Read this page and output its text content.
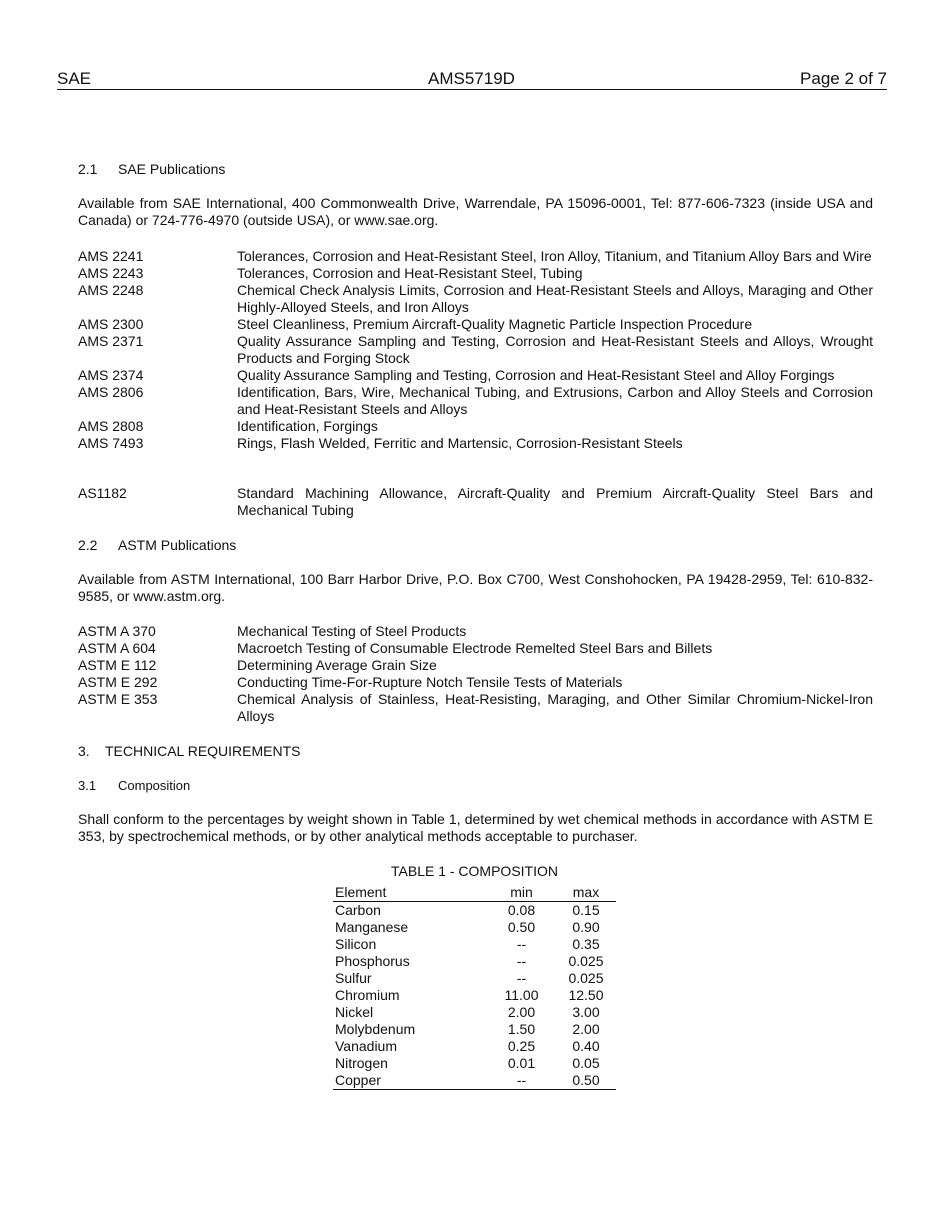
SAE	AMS5719D	Page 2 of 7
2.1 SAE Publications
Available from SAE International, 400 Commonwealth Drive, Warrendale, PA 15096-0001, Tel: 877-606-7323 (inside USA and Canada) or 724-776-4970 (outside USA), or www.sae.org.
AMS 2241	Tolerances, Corrosion and Heat-Resistant Steel, Iron Alloy, Titanium, and Titanium Alloy Bars and Wire
AMS 2243	Tolerances, Corrosion and Heat-Resistant Steel, Tubing
AMS 2248	Chemical Check Analysis Limits, Corrosion and Heat-Resistant Steels and Alloys, Maraging and Other Highly-Alloyed Steels, and Iron Alloys
AMS 2300	Steel Cleanliness, Premium Aircraft-Quality Magnetic Particle Inspection Procedure
AMS 2371	Quality Assurance Sampling and Testing, Corrosion and Heat-Resistant Steels and Alloys, Wrought Products and Forging Stock
AMS 2374	Quality Assurance Sampling and Testing, Corrosion and Heat-Resistant Steel and Alloy Forgings
AMS 2806	Identification, Bars, Wire, Mechanical Tubing, and Extrusions, Carbon and Alloy Steels and Corrosion and Heat-Resistant Steels and Alloys
AMS 2808	Identification, Forgings
AMS 7493	Rings, Flash Welded, Ferritic and Martensic, Corrosion-Resistant Steels
AS1182	Standard Machining Allowance, Aircraft-Quality and Premium Aircraft-Quality Steel Bars and Mechanical Tubing
2.2 ASTM Publications
Available from ASTM International, 100 Barr Harbor Drive, P.O. Box C700, West Conshohocken, PA 19428-2959, Tel: 610-832-9585, or www.astm.org.
ASTM A 370	Mechanical Testing of Steel Products
ASTM A 604	Macroetch Testing of Consumable Electrode Remelted Steel Bars and Billets
ASTM E 112	Determining Average Grain Size
ASTM E 292	Conducting Time-For-Rupture Notch Tensile Tests of Materials
ASTM E 353	Chemical Analysis of Stainless, Heat-Resisting, Maraging, and Other Similar Chromium-Nickel-Iron Alloys
3. TECHNICAL REQUIREMENTS
3.1 Composition
Shall conform to the percentages by weight shown in Table 1, determined by wet chemical methods in accordance with ASTM E 353, by spectrochemical methods, or by other analytical methods acceptable to purchaser.
TABLE 1 - COMPOSITION
Element	min	max
Carbon	0.08	0.15
Manganese	0.50	0.90
Silicon	--	0.35
Phosphorus	--	0.025
Sulfur	--	0.025
Chromium	11.00	12.50
Nickel	2.00	3.00
Molybdenum	1.50	2.00
Vanadium	0.25	0.40
Nitrogen	0.01	0.05
Copper	--	0.50
